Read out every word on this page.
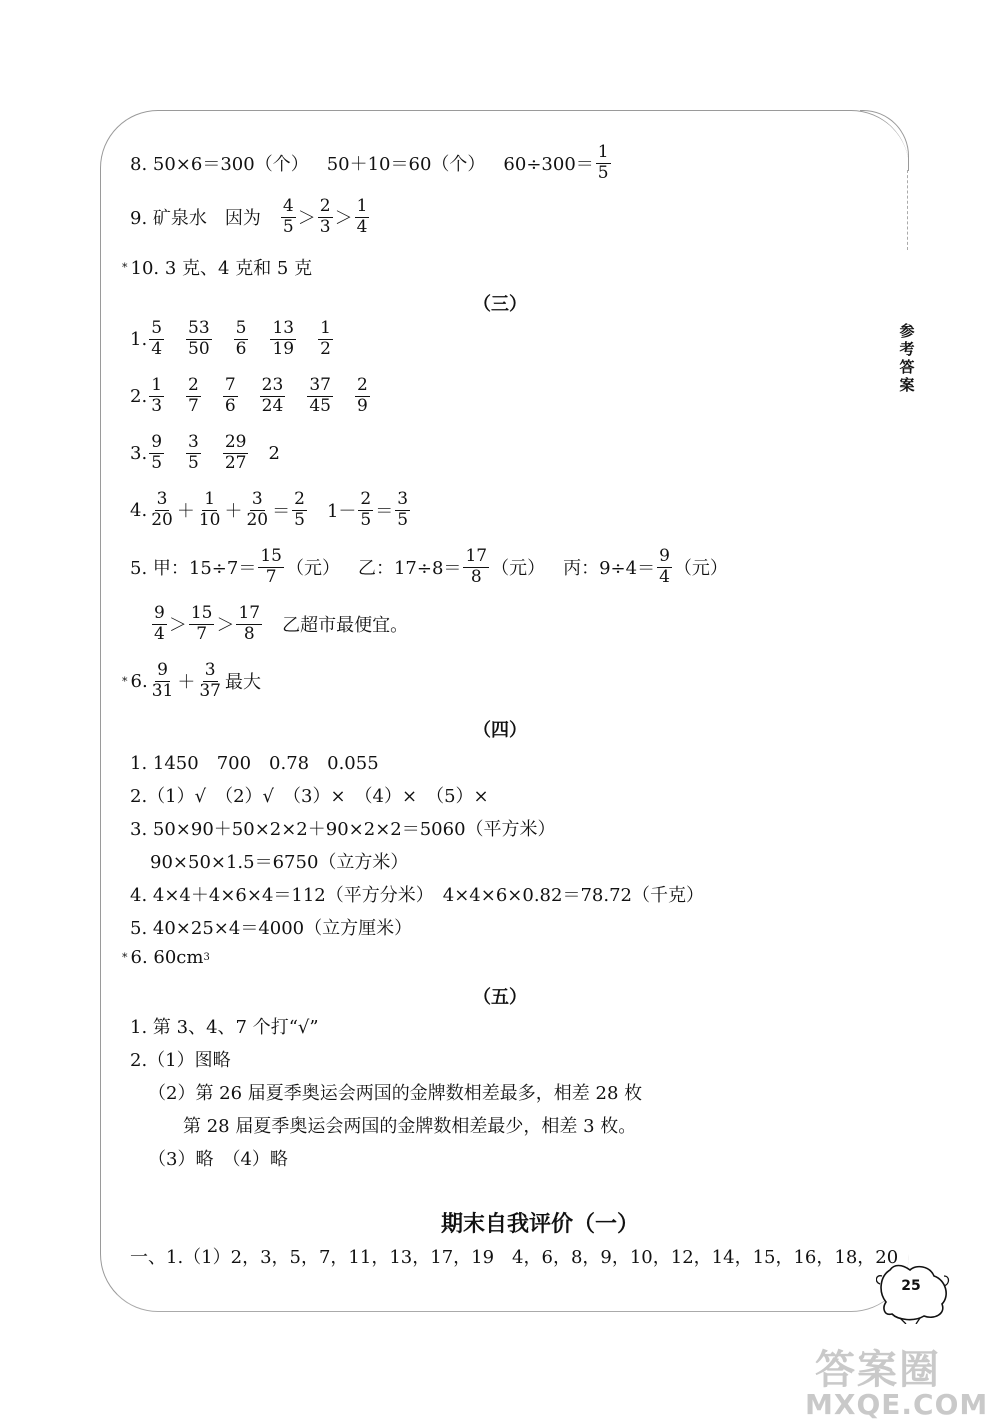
参
考
答
案
8. 50×6＝300（个） 50＋10＝60（个） $60\div 300= \frac{1}{5}$
9. 矿泉水 因为 $\frac{4}{5} > \frac{2}{3} > \frac{1}{4}$
* 10. 3 克、4 克和 5 克
（三）
1. $\frac{5}{4} \frac{53}{50} \frac{5}{6} \frac{13}{19} \frac{1}{2}$
2. $\frac{1}{3} \frac{2}{7} \frac{7}{6} \frac{23}{24} \frac{37}{45} \frac{2}{9}$
3. $\frac{9}{5} \frac{3}{5} \frac{29}{27} 2$
4. $\frac{3}{20} + \frac{1}{10} + \frac{3}{20} = \frac{2}{5} 1- \frac{2}{5} = \frac{3}{5}$
5. 甲：$15\div 7= \frac{15}{7}$ （元） 乙：$17\div 8= \frac{17}{8}$ （元） 丙：$9\div 4= \frac{9}{4}$ （元）
$\frac{9}{4} > \frac{15}{7} > \frac{17}{8}$ 乙超市最便宜。
* 6. $\frac{9}{31} + \frac{3}{37}$ 最大
（四）
1. 1450　700　0.78　0.055
2.（1）√　（2）√　（3）×　（4）×　（5）×
3. 50×90＋50×2×2＋90×2×2＝5060（平方米）
90×50×1.5＝6750（立方米）
4. 4×4＋4×6×4＝112（平方分米）　4×4×6×0.82＝78.72（千克）
5. 40×25×4＝4000（立方厘米）
* 6. 60cm 3
（五）
1. 第 3、4、7 个打“√”
2.（1）图略
（2）第 26 届夏季奥运会两国的金牌数相差最多，相差 28 枚
第 28 届夏季奥运会两国的金牌数相差最少，相差 3 枚。
（3）略　（4）略
期末自我评价（一）
一、1.（1）2，3，5，7，11，13，17，19　4，6，8，9，10，12，14，15，16，18，20
25
答案圈
MXQE.COM
